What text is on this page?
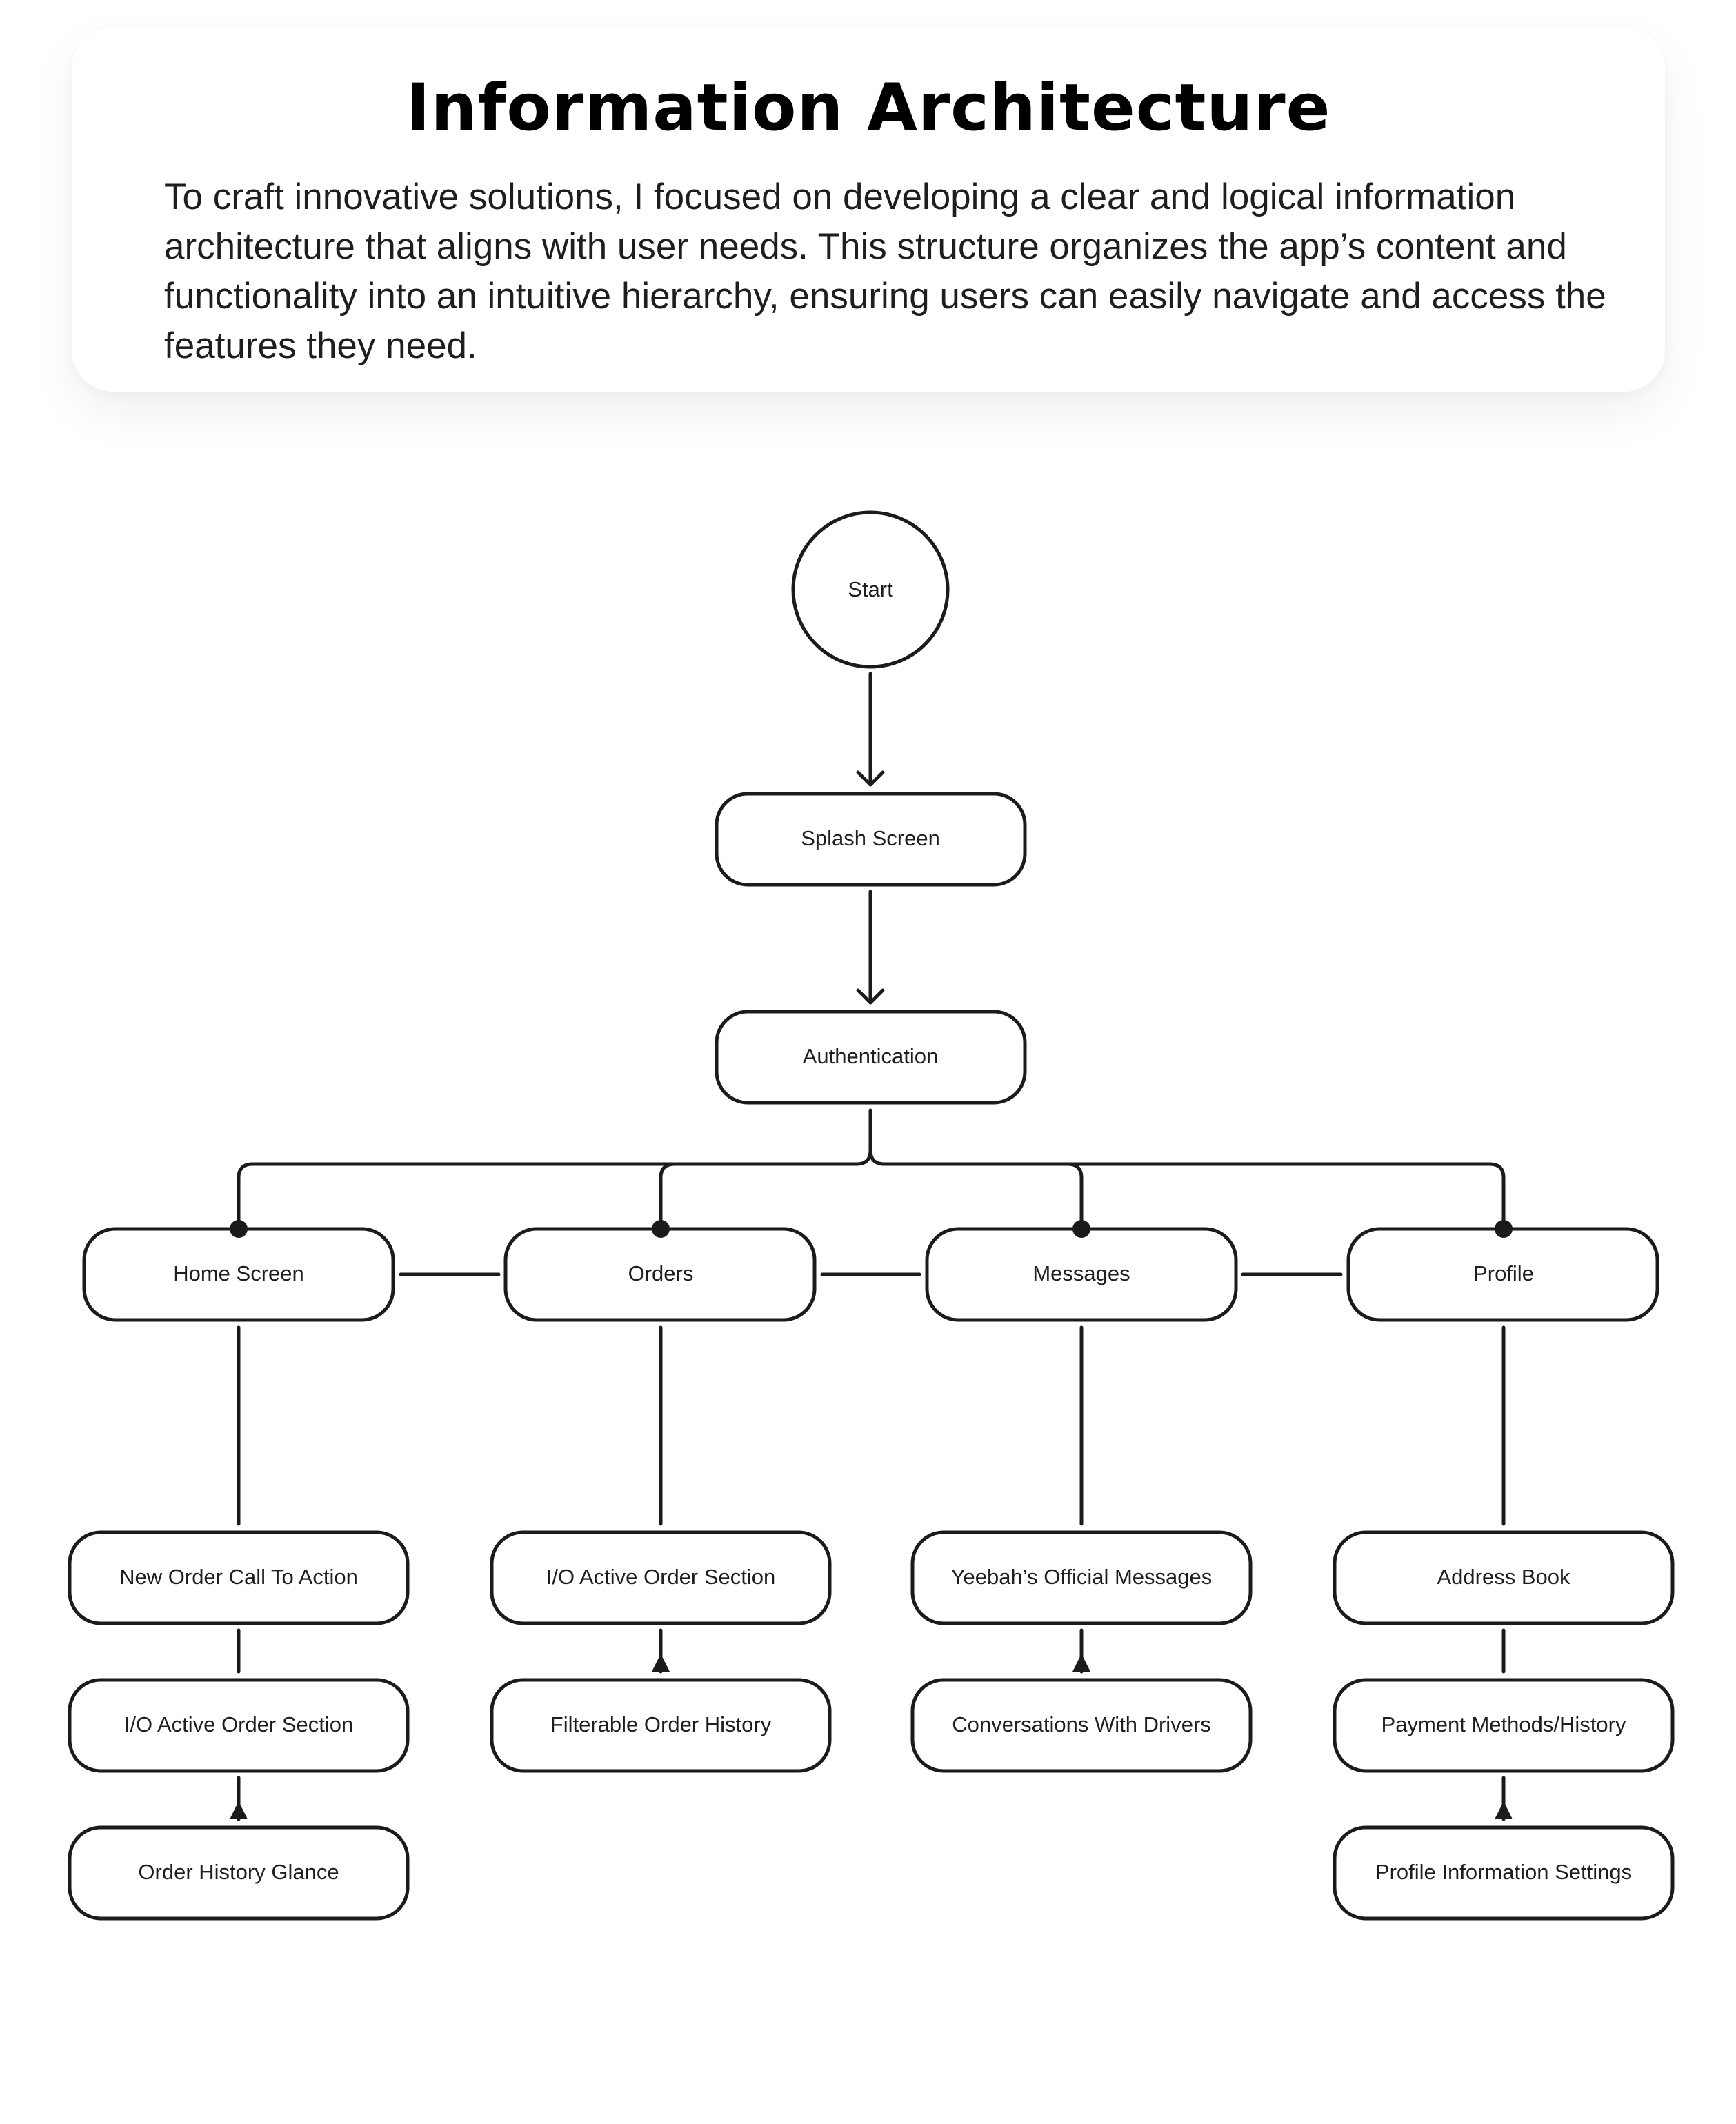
Information Architecture
To craft innovative solutions, I focused on developing a clear and logical information architecture that aligns with user needs. This structure organizes the app’s content and functionality into an intuitive hierarchy, ensuring users can easily navigate and access the features they need.
Start
Splash Screen
Authentication
Home Screen	Orders	Messages	Profile
New Order Call To Action
I/O Active Order Section
Order History Glance
I/O Active Order Section
Filterable Order History
Yeebah’s Official Messages
Conversations With Drivers
Address Book
Payment Methods/History
Profile Information Settings
